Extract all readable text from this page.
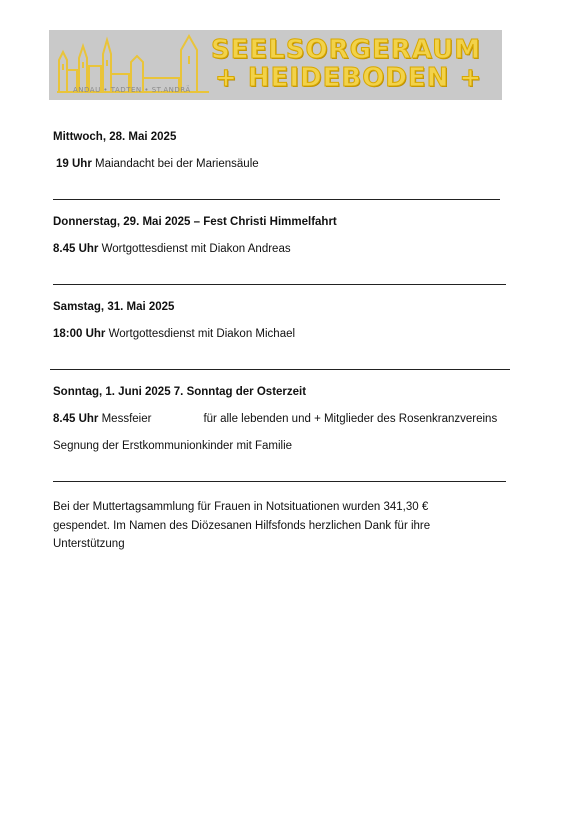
SEELSORGERAUM
+ HEIDEBODEN +
ANDAU • TADTEN • ST.ANDRÄ

Mittwoch, 28. Mai 2025

19 Uhr Maiandacht bei der Mariensäule

Donnerstag, 29. Mai 2025 – Fest Christi Himmelfahrt

8.45 Uhr Wortgottesdienst mit Diakon Andreas

Samstag, 31. Mai 2025

18:00 Uhr Wortgottesdienst mit Diakon Michael

Sonntag, 1. Juni 2025 7. Sonntag der Osterzeit

8.45 Uhr Messfeier	für alle lebenden und + Mitglieder des Rosenkranzvereins

Segnung der Erstkommunionkinder mit Familie

Bei der Muttertagsammlung für Frauen in Notsituationen wurden 341,30 € gespendet. Im Namen des Diözesanen Hilfsfonds herzlichen Dank für ihre Unterstützung
